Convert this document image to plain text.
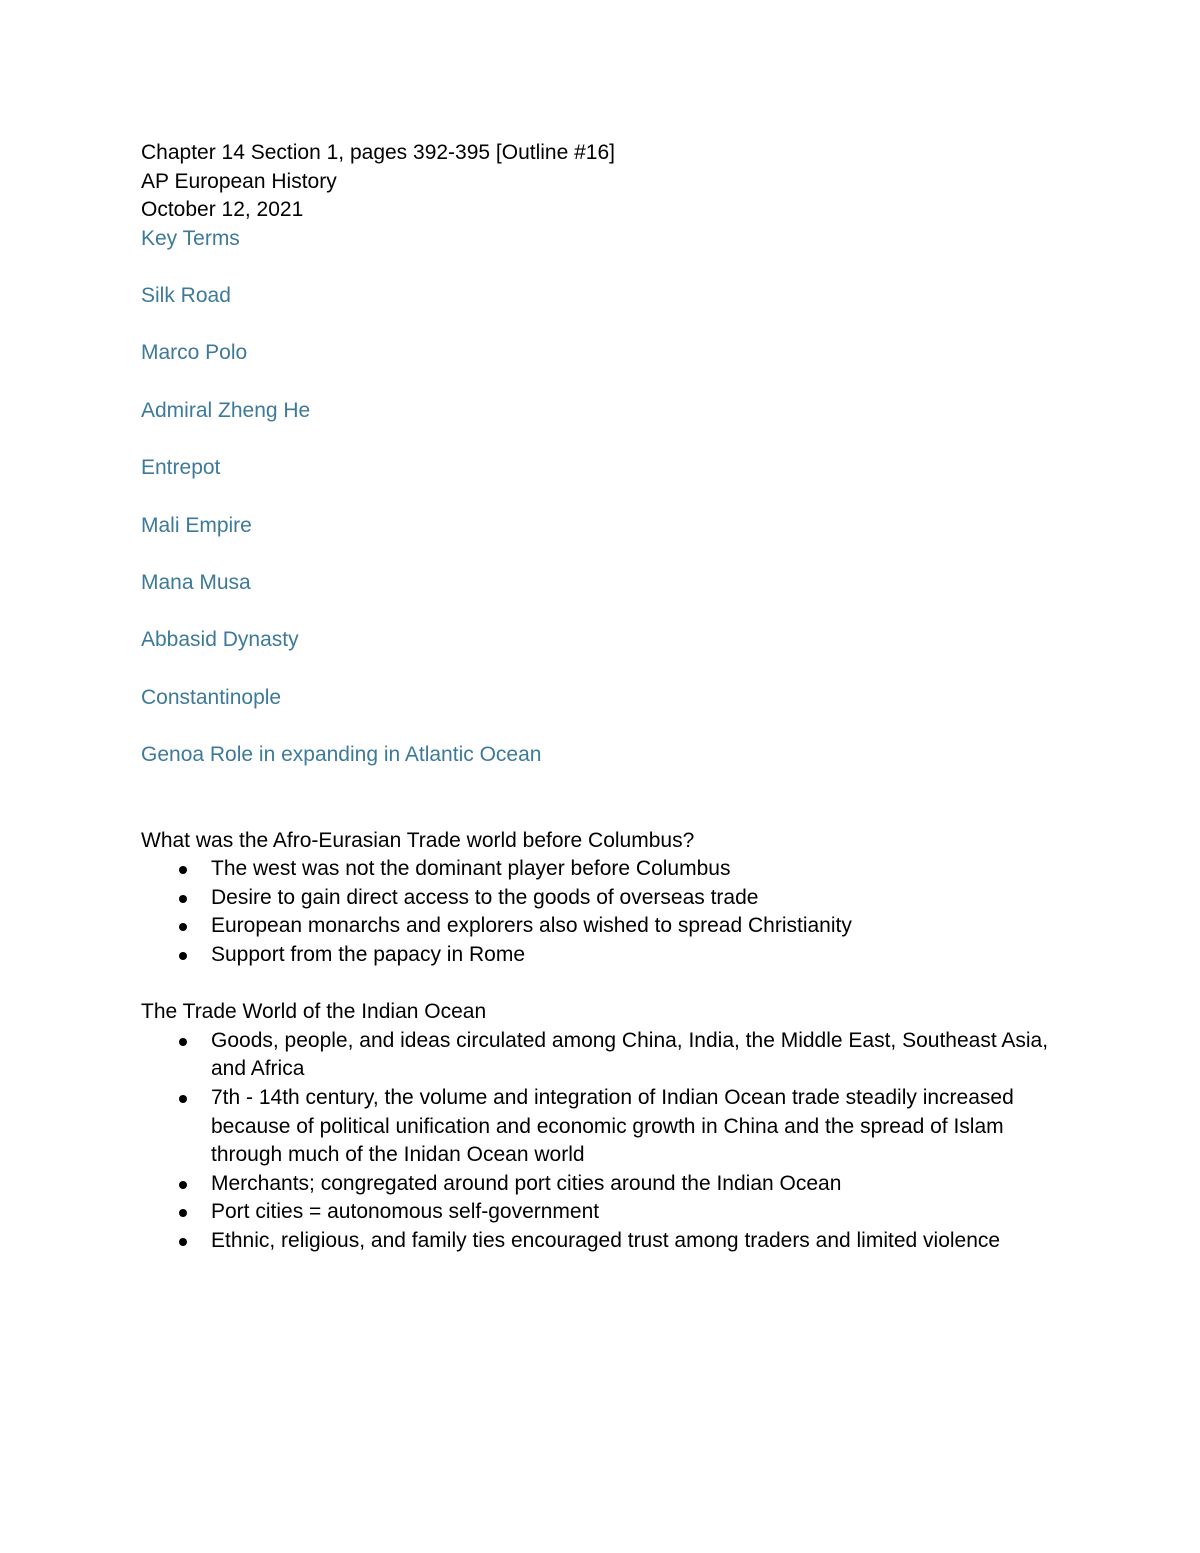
Chapter 14 Section 1, pages 392-395 [Outline #16]

AP European History

October 12, 2021

Key Terms

Silk Road

Marco Polo

Admiral Zheng He

Entrepot

Mali Empire

Mana Musa

Abbasid Dynasty

Constantinople

Genoa Role in expanding in Atlantic Ocean

What was the Afro-Eurasian Trade world before Columbus?

The west was not the dominant player before Columbus
Desire to gain direct access to the goods of overseas trade
European monarchs and explorers also wished to spread Christianity
Support from the papacy in Rome

The Trade World of the Indian Ocean

Goods, people, and ideas circulated among China, India, the Middle East, Southeast Asia, and Africa
7th - 14th century, the volume and integration of Indian Ocean trade steadily increased because of political unification and economic growth in China and the spread of Islam through much of the Inidan Ocean world
Merchants; congregated around port cities around the Indian Ocean
Port cities = autonomous self-government
Ethnic, religious, and family ties encouraged trust among traders and limited violence
